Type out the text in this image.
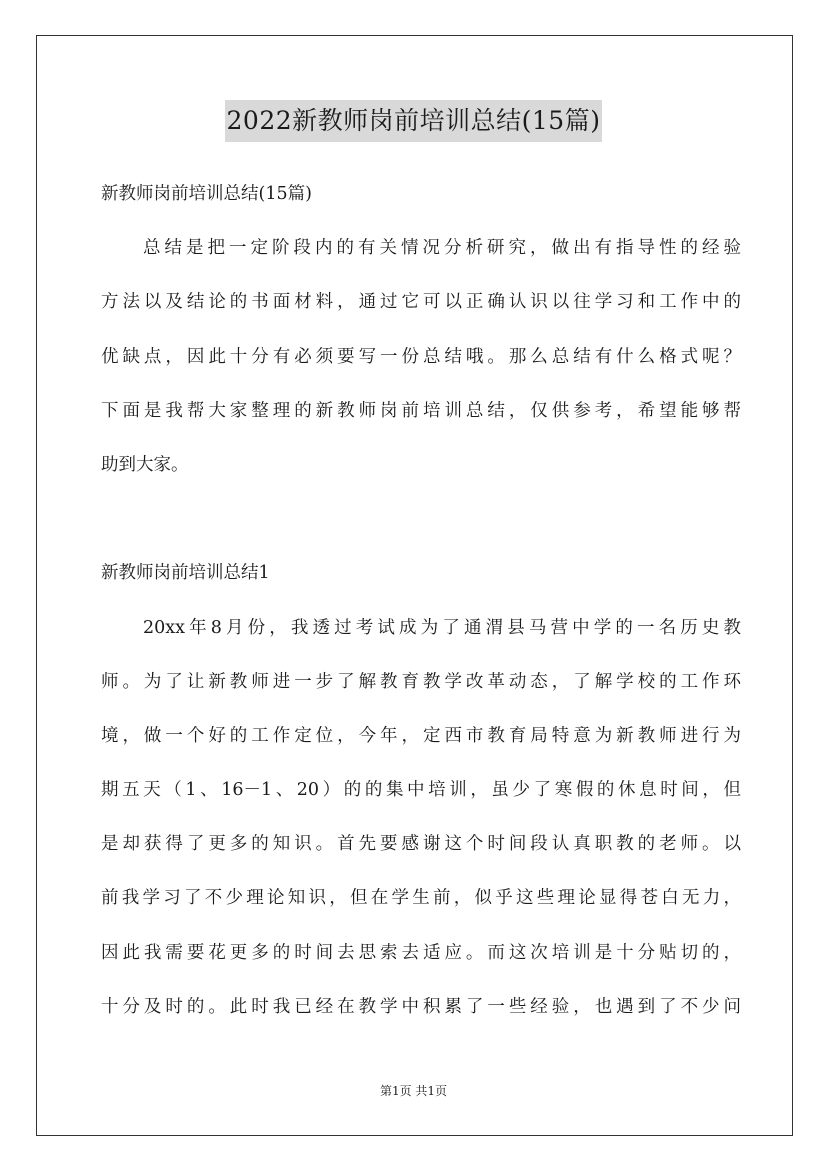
2022新教师岗前培训总结(15篇)
新教师岗前培训总结(15篇)
总结是把一定阶段内的有关情况分析研究，做出有指导性的经验
方法以及结论的书面材料，通过它可以正确认识以往学习和工作中的
优缺点，因此十分有必须要写一份总结哦。那么总结有什么格式呢？
下面是我帮大家整理的新教师岗前培训总结，仅供参考，希望能够帮
助到大家。
新教师岗前培训总结1
20xx年8月份，我透过考试成为了通渭县马营中学的一名历史教
师。为了让新教师进一步了解教育教学改革动态，了解学校的工作环
境，做一个好的工作定位，今年，定西市教育局特意为新教师进行为
期五天（1、16－1、20）的的集中培训，虽少了寒假的休息时间，但
是却获得了更多的知识。首先要感谢这个时间段认真职教的老师。以
前我学习了不少理论知识，但在学生前，似乎这些理论显得苍白无力，
因此我需要花更多的时间去思索去适应。而这次培训是十分贴切的，
十分及时的。此时我已经在教学中积累了一些经验，也遇到了不少问
第1页 共1页
